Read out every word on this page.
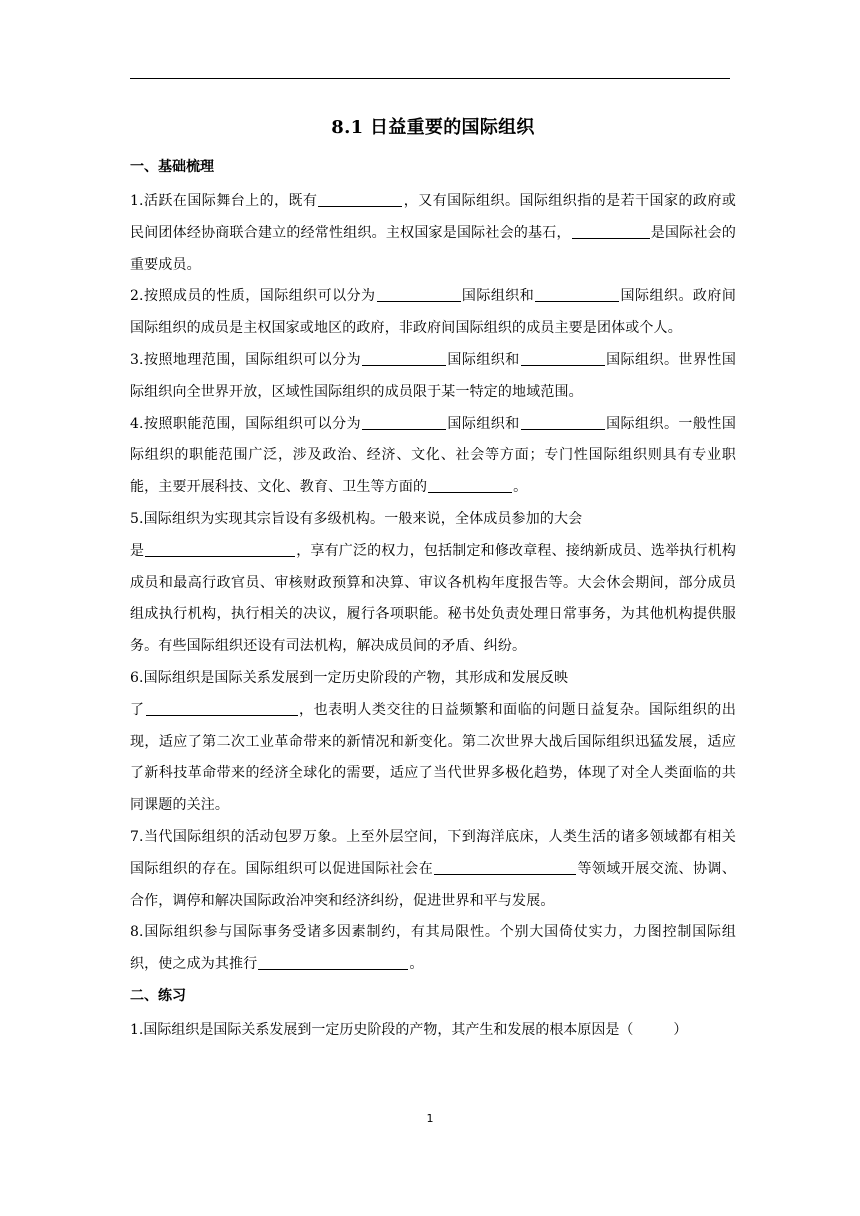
8.1 日益重要的国际组织
一、基础梳理

1.活跃在国际舞台上的，既有	，又有国际组织。国际组织指的是若干国家的政府或民间团体经协商联合建立的经常性组织。主权国家是国际社会的基石，	是国际社会的重要成员。

2.按照成员的性质，国际组织可以分为	国际组织和	国际组织。政府间国际组织的成员是主权国家或地区的政府，非政府间国际组织的成员主要是团体或个人。

3.按照地理范围，国际组织可以分为	国际组织和	国际组织。世界性国际组织向全世界开放，区域性国际组织的成员限于某一特定的地域范围。

4.按照职能范围，国际组织可以分为	国际组织和	国际组织。一般性国际组织的职能范围广泛，涉及政治、经济、文化、社会等方面；专门性国际组织则具有专业职能，主要开展科技、文化、教育、卫生等方面的	。

5.国际组织为实现其宗旨设有多级机构。一般来说，全体成员参加的大会
是	，享有广泛的权力，包括制定和修改章程、接纳新成员、选举执行机构成员和最高行政官员、审核财政预算和决算、审议各机构年度报告等。大会休会期间，部分成员组成执行机构，执行相关的决议，履行各项职能。秘书处负责处理日常事务，为其他机构提供服务。有些国际组织还设有司法机构，解决成员间的矛盾、纠纷。

6.国际组织是国际关系发展到一定历史阶段的产物，其形成和发展反映
了	，也表明人类交往的日益频繁和面临的问题日益复杂。国际组织的出现，适应了第二次工业革命带来的新情况和新变化。第二次世界大战后国际组织迅猛发展，适应了新科技革命带来的经济全球化的需要，适应了当代世界多极化趋势，体现了对全人类面临的共同课题的关注。

7.当代国际组织的活动包罗万象。上至外层空间，下到海洋底床，人类生活的诸多领域都有相关国际组织的存在。国际组织可以促进国际社会在	等领域开展交流、协调、合作，调停和解决国际政治冲突和经济纠纷，促进世界和平与发展。

8.国际组织参与国际事务受诸多因素制约，有其局限性。个别大国倚仗实力，力图控制国际组织，使之成为其推行	。

二、练习
1.国际组织是国际关系发展到一定历史阶段的产物，其产生和发展的根本原因是（	）
1
